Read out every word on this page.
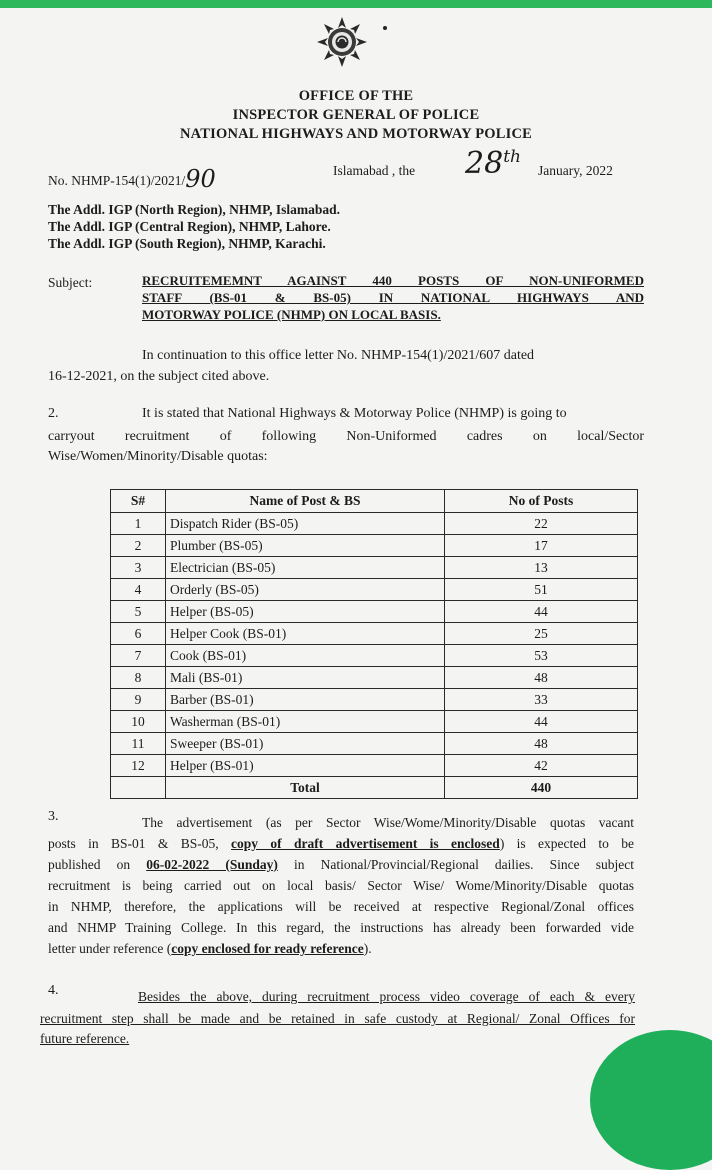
OFFICE OF THE
INSPECTOR GENERAL OF POLICE
NATIONAL HIGHWAYS AND MOTORWAY POLICE
No. NHMP-154(1)/2021/90	Islamabad , the 28th
January, 2022
The Addl. IGP (North Region), NHMP, Islamabad.
The Addl. IGP (Central Region), NHMP, Lahore.
The Addl. IGP (South Region), NHMP, Karachi.
Subject:	RECRUITEMEMNT AGAINST 440 POSTS OF NON-UNIFORMED
STAFF (BS-01 & BS-05) IN NATIONAL HIGHWAYS AND
MOTORWAY POLICE (NHMP) ON LOCAL BASIS.
In continuation to this office letter No. NHMP-154(1)/2021/607 dated
16-12-2021, on the subject cited above.
2.	It is stated that National Highways & Motorway Police (NHMP) is going to
carryout recruitment of following Non-Uniformed cadres on local/Sector
Wise/Women/Minority/Disable quotas:
S#	Name of Post & BS	No of Posts
1	Dispatch Rider (BS-05)	22
2	Plumber (BS-05)	17
3	Electrician (BS-05)	13
4	Orderly (BS-05)	51
5	Helper (BS-05)	44
6	Helper Cook (BS-01)	25
7	Cook (BS-01)	53
8	Mali (BS-01)	48
9	Barber (BS-01)	33
10	Washerman (BS-01)	44
11	Sweeper (BS-01)	48
12	Helper (BS-01)	42
	Total	440
3.	The advertisement (as per Sector Wise/Wome/Minority/Disable quotas vacant
posts in BS-01 & BS-05, copy of draft advertisement is enclosed) is expected to be
published on 06-02-2022 (Sunday) in National/Provincial/Regional dailies. Since subject
recruitment is being carried out on local basis/ Sector Wise/ Wome/Minority/Disable quotas
in NHMP, therefore, the applications will be received at respective Regional/Zonal offices
and NHMP Training College. In this regard, the instructions has already been forwarded vide
letter under reference (copy enclosed for ready reference).
4.	Besides the above, during recruitment process video coverage of each & every
recruitment step shall be made and be retained in safe custody at Regional/ Zonal Offices for
future reference.
